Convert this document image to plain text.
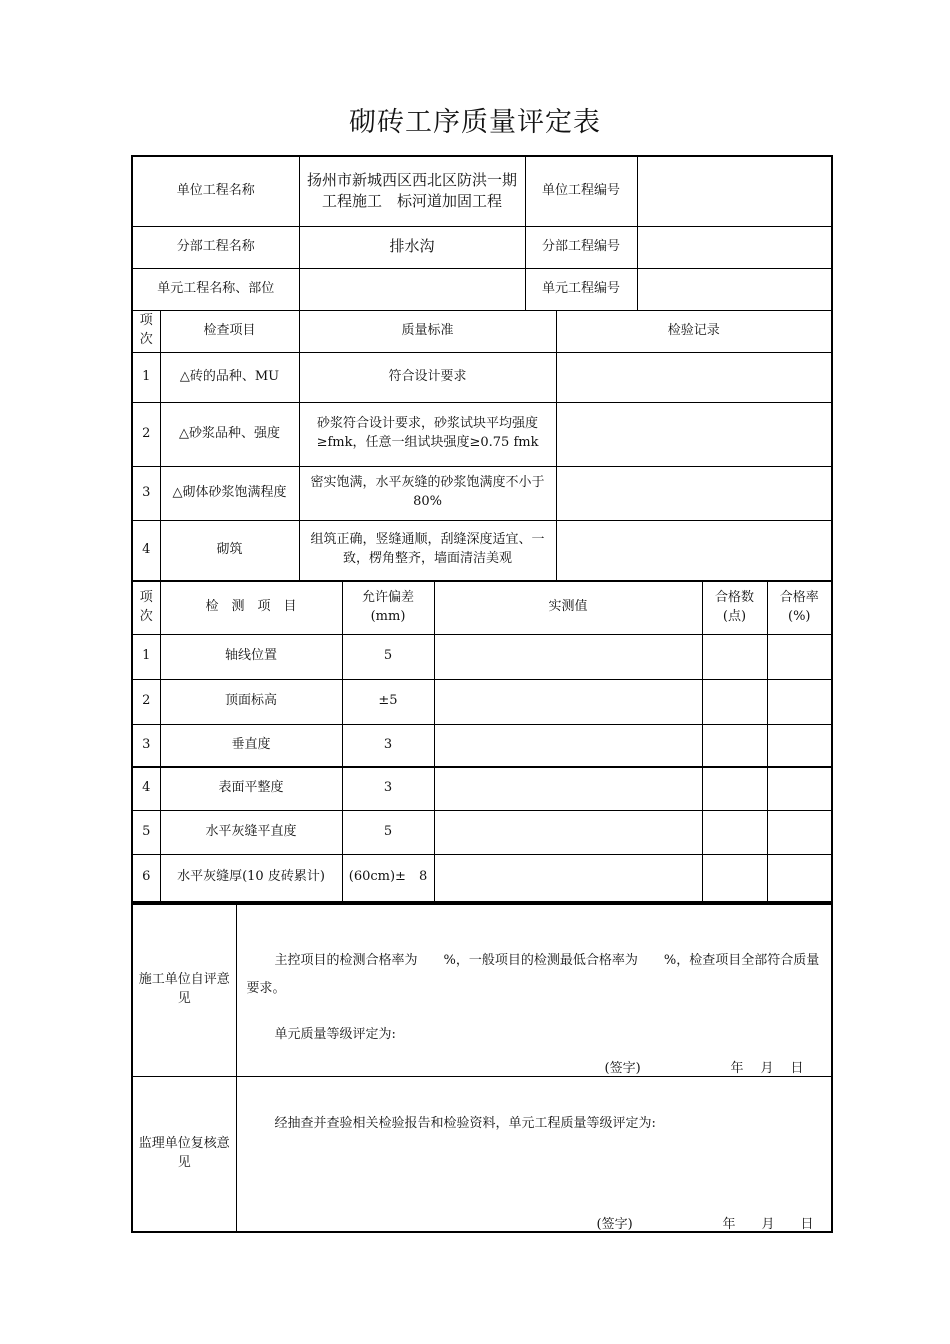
砌砖工序质量评定表
单位工程名称		扬州市新城西区西北区防洪一期工程施工　标河道加固工程	单位工程编号		
分部工程名称		排水沟	分部工程编号		
单元工程名称、部位			单元工程编号		
项次	检查项目	质量标准		检验记录	
1	△砖的品种、MU	符合设计要求			
2	△砂浆品种、强度	砂浆符合设计要求，砂浆试块平均强度≥fmk，任意一组试块强度≥0.75 fmk			
3	△砌体砂浆饱满程度	密实饱满，水平灰缝的砂浆饱满度不小于 80%			
4	砌筑	组筑正确，竖缝通顺，刮缝深度适宜、一致，楞角整齐，墙面清洁美观			
项次	检　测　项　目	允许偏差(mm)	实测值	合格数(点)	合格率(%)
1	轴线位置	5			
2	顶面标高	±5			
3	垂直度	3			
4	表面平整度	3			
5	水平灰缝平直度	5			
6	水平灰缝厚(10 皮砖累计)	(60cm)±　8			
施工单位自评意见	主控项目的检测合格率为　　%，一般项目的检测最低合格率为　　%，检查项目全部符合质量要求。
单元质量等级评定为:
(签字) 年　月　日

监理单位复核意见	经抽查并查验相关检验报告和检验资料，单元工程质量等级评定为:
(签字) 年　　月　　日
